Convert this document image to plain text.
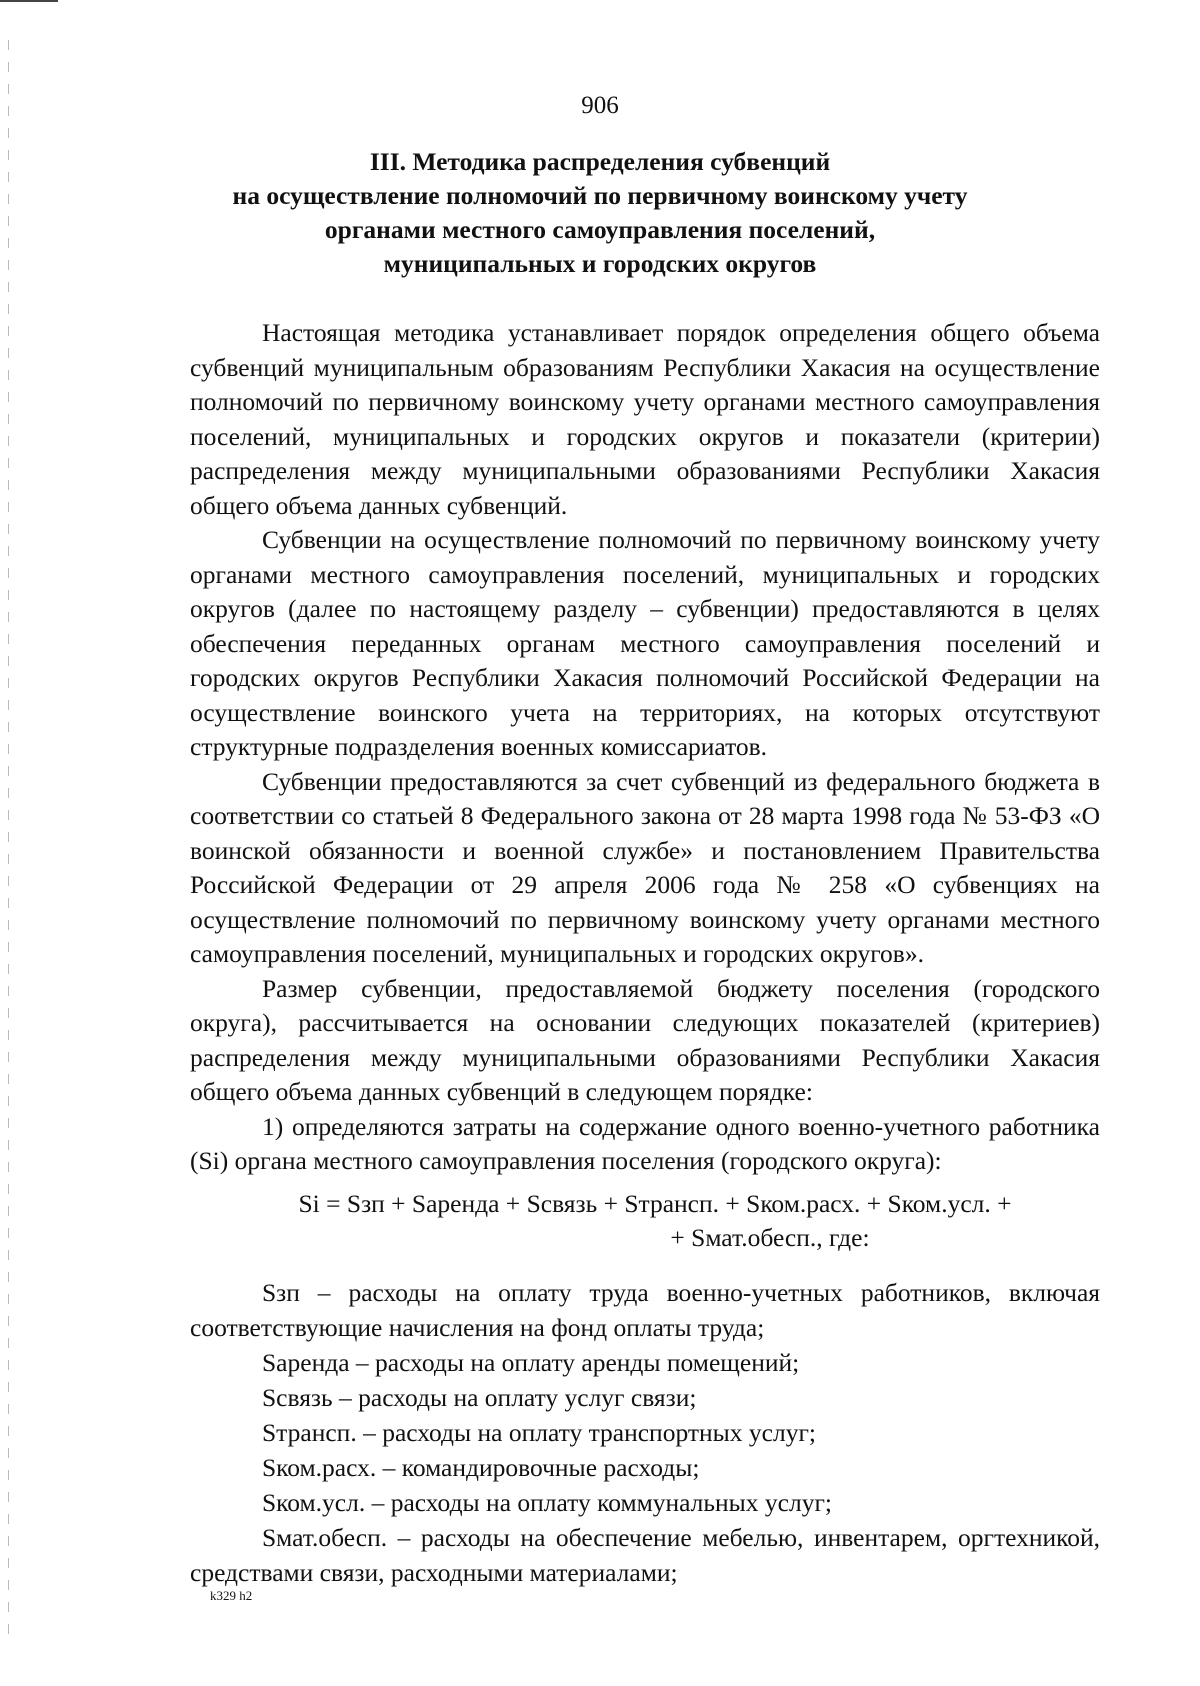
906
III. Методика распределения субвенций
на осуществление полномочий по первичному воинскому учету
органами местного самоуправления поселений,
муниципальных и городских округов

Настоящая методика устанавливает порядок определения общего объема субвенций муниципальным образованиям Республики Хакасия на осуществление полномочий по первичному воинскому учету органами местного самоуправления поселений, муниципальных и городских округов и показатели (критерии) распределения между муниципальными образованиями Республики Хакасия общего объема данных субвенций.

Субвенции на осуществление полномочий по первичному воинскому учету органами местного самоуправления поселений, муниципальных и городских округов (далее по настоящему разделу – субвенции) предоставляются в целях обеспечения переданных органам местного самоуправления поселений и городских округов Республики Хакасия полномочий Российской Федерации на осуществление воинского учета на территориях, на которых отсутствуют структурные подразделения военных комиссариатов.

Субвенции предоставляются за счет субвенций из федерального бюджета в соответствии со статьей 8 Федерального закона от 28 марта 1998 года № 53-ФЗ «О воинской обязанности и военной службе» и постановлением Правительства Российской Федерации от 29 апреля 2006 года № 258 «О субвенциях на осуществление полномочий по первичному воинскому учету органами местного самоуправления поселений, муниципальных и городских округов».

Размер субвенции, предоставляемой бюджету поселения (городского округа), рассчитывается на основании следующих показателей (критериев) распределения между муниципальными образованиями Республики Хакасия общего объема данных субвенций в следующем порядке:

1) определяются затраты на содержание одного военно-учетного работника (Si) органа местного самоуправления поселения (городского округа):

Si = Sзп + Sаренда + Sсвязь + Sтрансп. + Sком.расх. + Sком.усл. +
+ Sмат.обесп., где:

Sзп – расходы на оплату труда военно-учетных работников, включая соответствующие начисления на фонд оплаты труда;

Sаренда – расходы на оплату аренды помещений;

Sсвязь – расходы на оплату услуг связи;

Sтрансп. – расходы на оплату транспортных услуг;

Sком.расх. – командировочные расходы;

Sком.усл. – расходы на оплату коммунальных услуг;

Sмат.обесп. – расходы на обеспечение мебелью, инвентарем, оргтехникой, средствами связи, расходными материалами;

k329 h2
